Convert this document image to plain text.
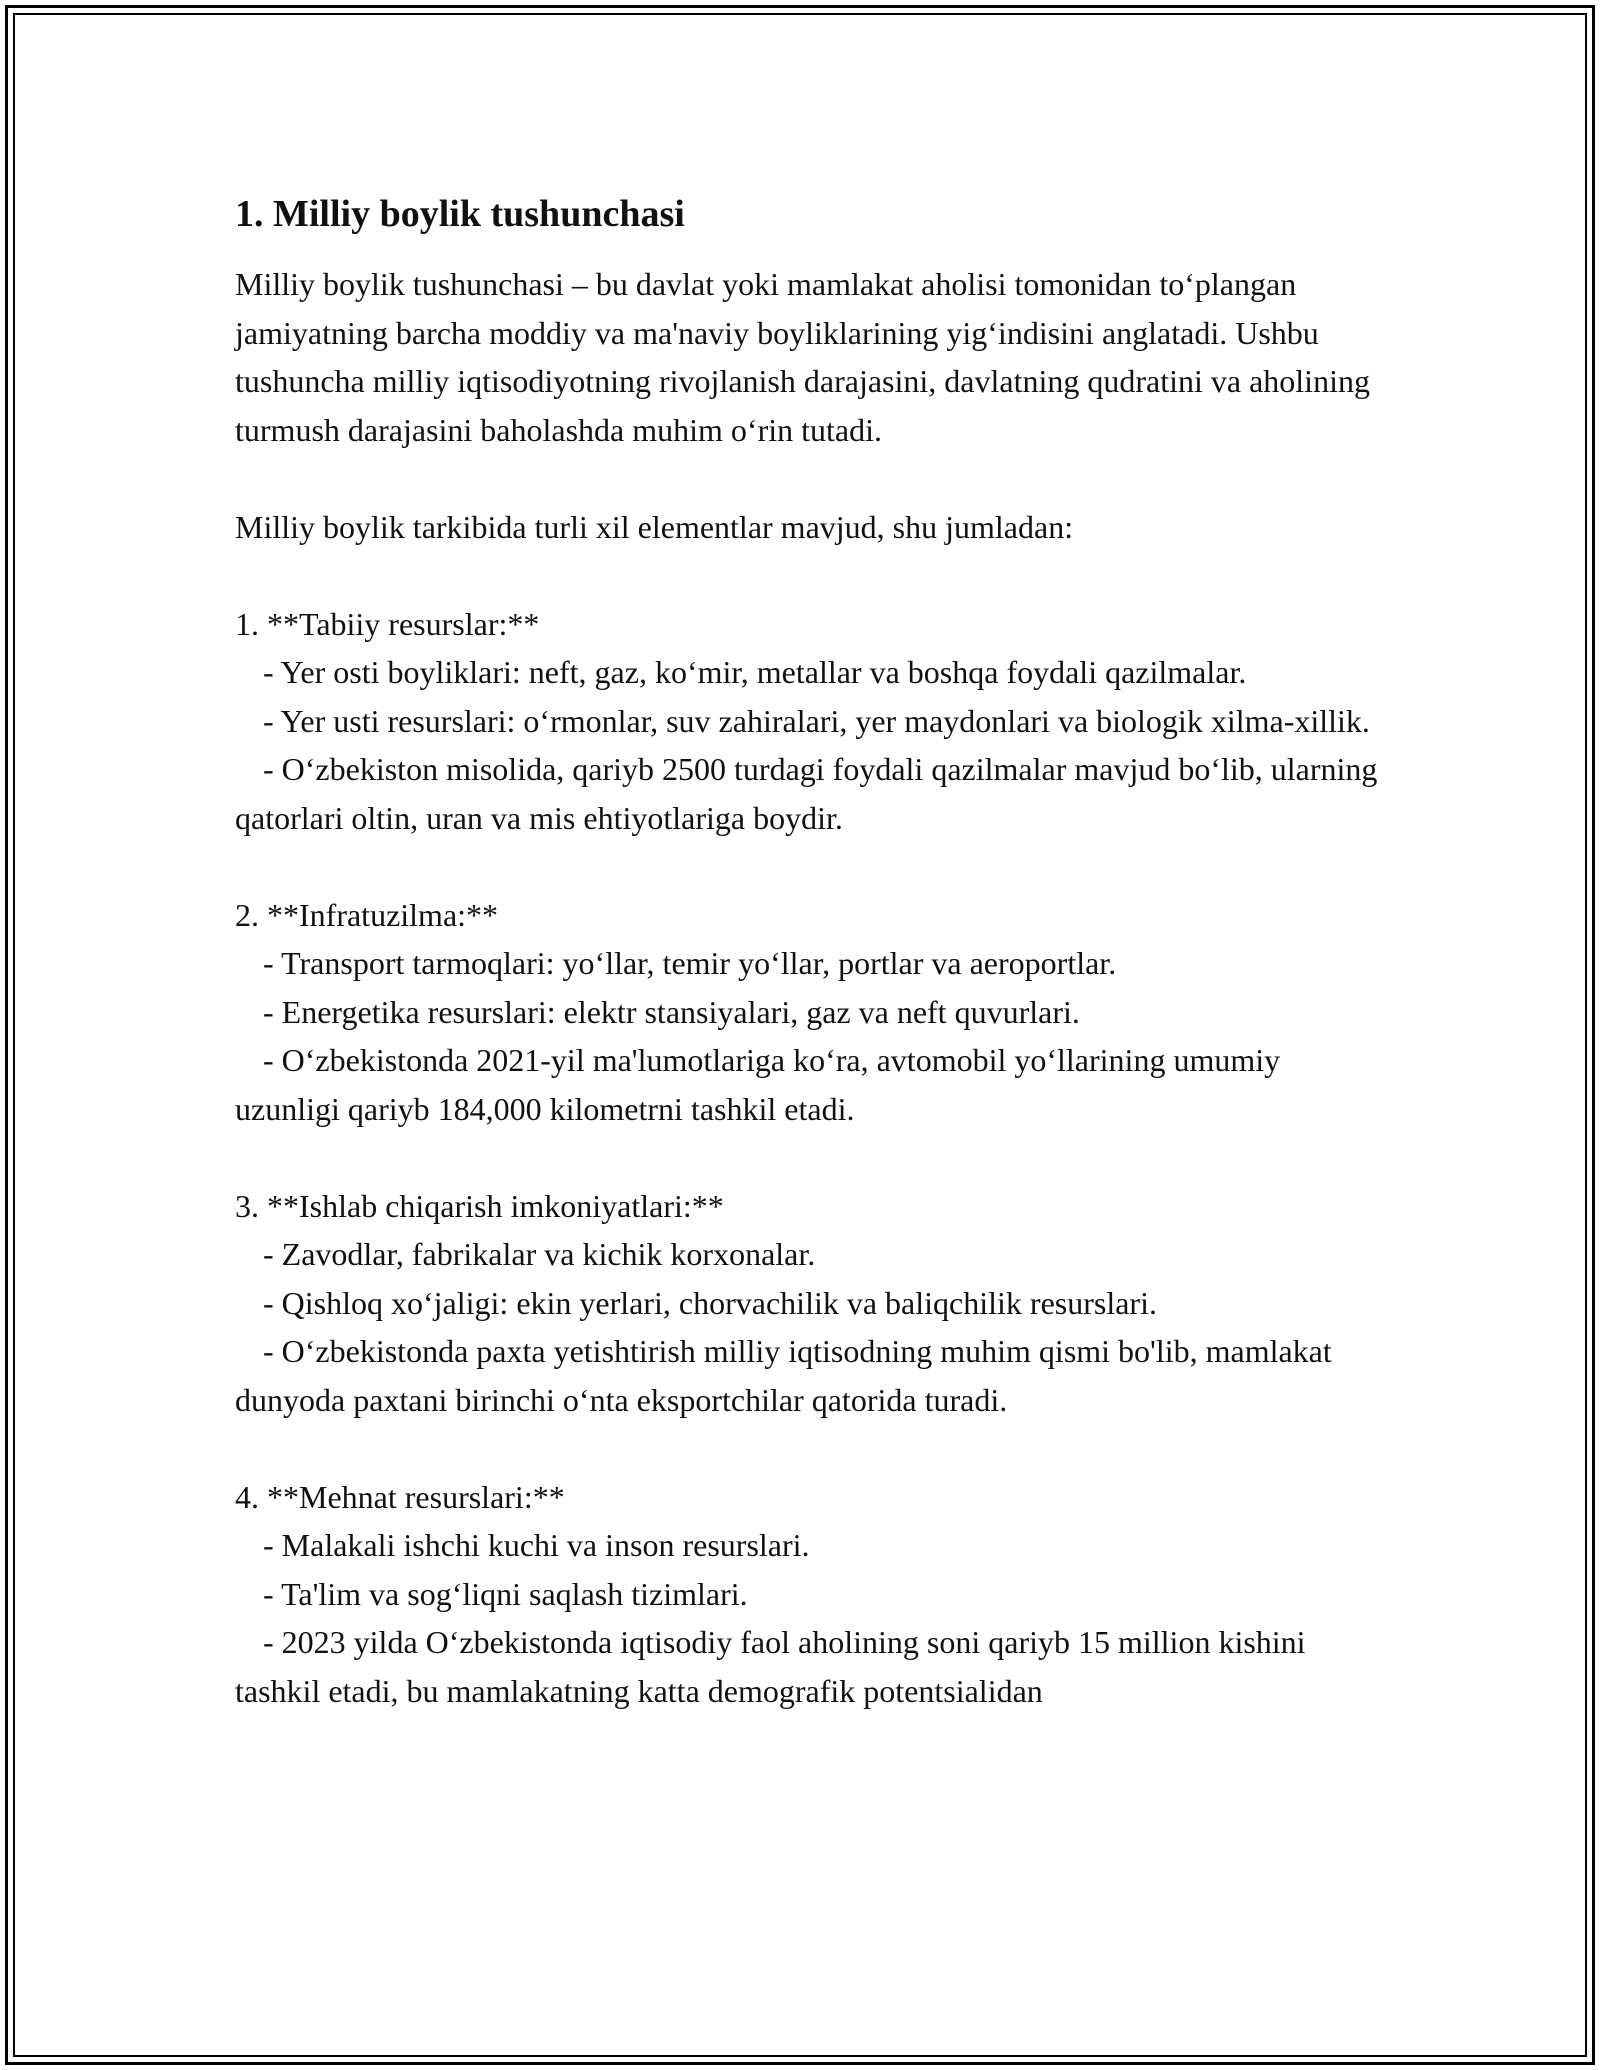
1. Milliy boylik tushunchasi

Milliy boylik tushunchasi – bu davlat yoki mamlakat aholisi tomonidan to‘plangan jamiyatning barcha moddiy va ma'naviy boyliklarining yig‘indisini anglatadi. Ushbu tushuncha milliy iqtisodiyotning rivojlanish darajasini, davlatning qudratini va aholining turmush darajasini baholashda muhim o‘rin tutadi.

Milliy boylik tarkibida turli xil elementlar mavjud, shu jumladan:

1. **Tabiiy resurslar:**

- Yer osti boyliklari: neft, gaz, ko‘mir, metallar va boshqa foydali qazilmalar.

- Yer usti resurslari: o‘rmonlar, suv zahiralari, yer maydonlari va biologik xilma-xillik.

- O‘zbekiston misolida, qariyb 2500 turdagi foydali qazilmalar mavjud bo‘lib, ularning qatorlari oltin, uran va mis ehtiyotlariga boydir.

2. **Infratuzilma:**

- Transport tarmoqlari: yo‘llar, temir yo‘llar, portlar va aeroportlar.

- Energetika resurslari: elektr stansiyalari, gaz va neft quvurlari.

- O‘zbekistonda 2021-yil ma'lumotlariga ko‘ra, avtomobil yo‘llarining umumiy uzunligi qariyb 184,000 kilometrni tashkil etadi.

3. **Ishlab chiqarish imkoniyatlari:**

- Zavodlar, fabrikalar va kichik korxonalar.

- Qishloq xo‘jaligi: ekin yerlari, chorvachilik va baliqchilik resurslari.

- O‘zbekistonda paxta yetishtirish milliy iqtisodning muhim qismi bo'lib, mamlakat dunyoda paxtani birinchi o‘nta eksportchilar qatorida turadi.

4. **Mehnat resurslari:**

- Malakali ishchi kuchi va inson resurslari.

- Ta'lim va sog‘liqni saqlash tizimlari.

- 2023 yilda O‘zbekistonda iqtisodiy faol aholining soni qariyb 15 million kishini tashkil etadi, bu mamlakatning katta demografik potentsialidan
